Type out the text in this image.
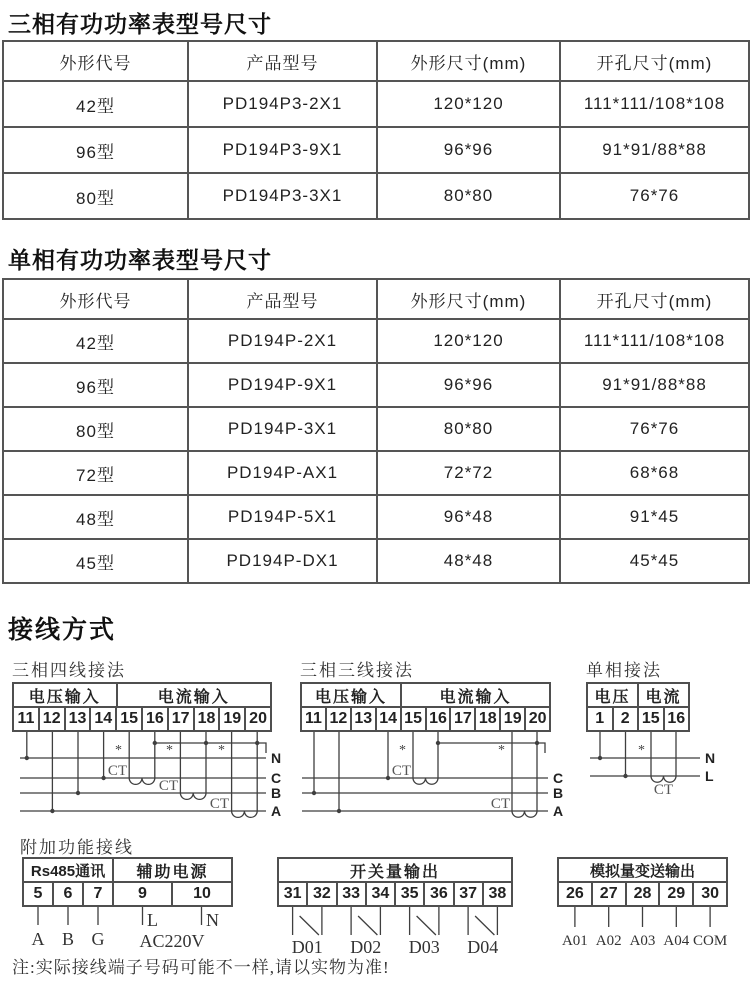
三相有功功率表型号尺寸
外形代号	产品型号	外形尺寸(mm)	开孔尺寸(mm)
42型	PD194P3-2X1	120*120	111*111/108*108
96型	PD194P3-9X1	96*96	91*91/88*88
80型	PD194P3-3X1	80*80	76*76
单相有功功率表型号尺寸
外形代号	产品型号	外形尺寸(mm)	开孔尺寸(mm)
42型	PD194P-2X1	120*120	111*111/108*108
96型	PD194P-9X1	96*96	91*91/88*88
80型	PD194P-3X1	80*80	76*76
72型	PD194P-AX1	72*72	68*68
48型	PD194P-5X1	96*48	91*45
45型	PD194P-DX1	48*48	45*45
接线方式
三相四线接法
电压输入	电流输入
11 12 13 14 15 16 17 18 19 20
*	*	*
CT
CT
CT
N
C
B
A
三相三线接法
电压输入	电流输入
11 12 13 14 15 16 17 18 19 20
*	*
CT
CT
C
B
A
单相接法
电压 电流
1	2 15 16
*
CT
N
L
附加功能接线
Rs485通讯	辅助电源
5	6	7	9	10
A B G
L	N
AC220V
开关量输出
31 32 33 34 35 36 37 38
D01 D02 D03 D04
模拟量变送输出
26	27	28	29	30
A01 A02 A03 A04 COM
注:实际接线端子号码可能不一样,请以实物为准!
